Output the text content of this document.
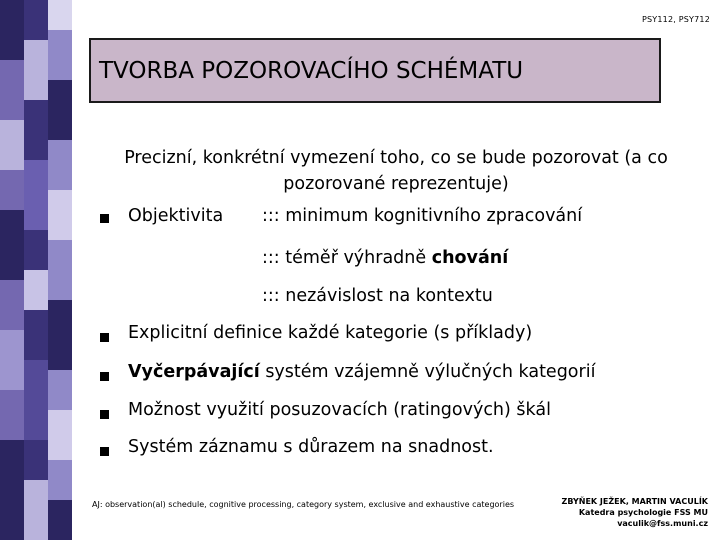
PSY112, PSY712
TVORBA POZOROVACÍHO SCHÉMATU
Precizní, konkrétní vymezení toho, co se bude pozorovat (a co pozorované reprezentuje)
Objektivita ::: minimum kognitivního zpracování
::: téměř výhradně chování
::: nezávislost na kontextu
Explicitní definice každé kategorie (s příklady)
Vyčerpávající systém vzájemně výlučných kategorií
Možnost využití posuzovacích (ratingových) škál
Systém záznamu s důrazem na snadnost.
AJ: observation(al) schedule, cognitive processing, category system, exclusive and exhaustive categories	ZBYŇEK JEŽEK, MARTIN VACULÍK
Katedra psychologie FSS MU
vaculik@fss.muni.cz
